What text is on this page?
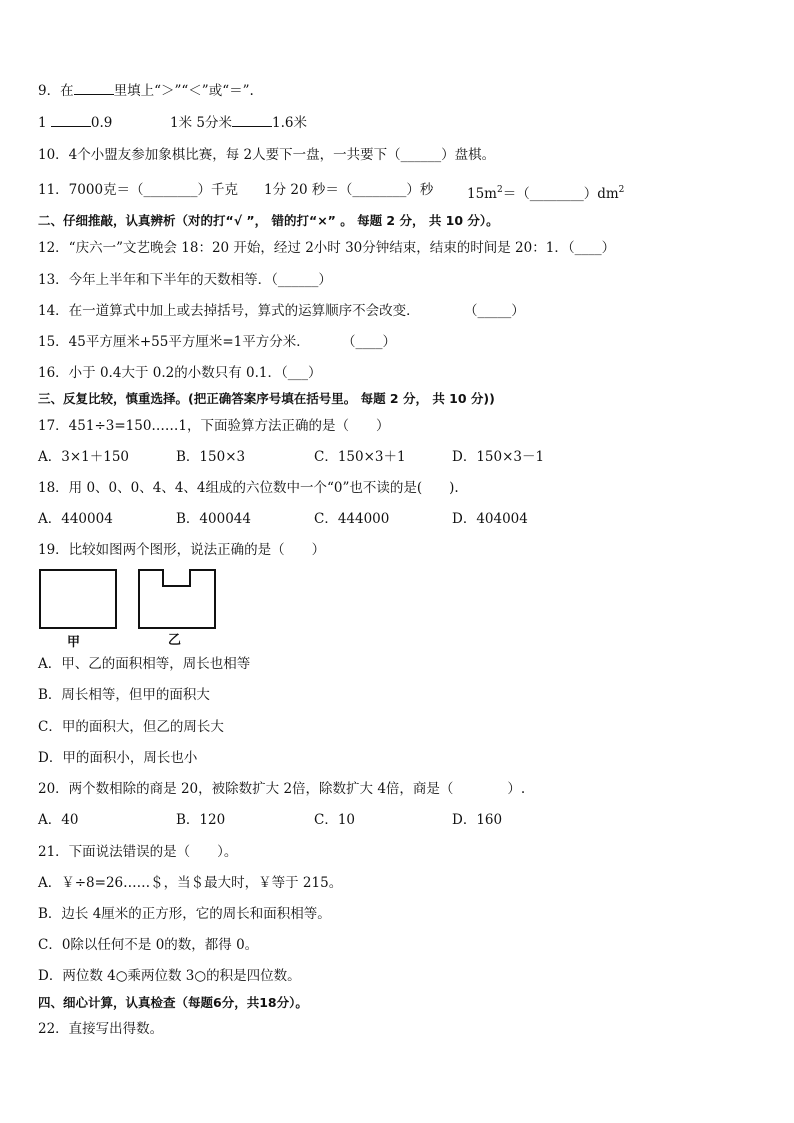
9．在	里填上“＞”“＜”或“＝”.
1	0.9	1米 5分米	1.6米
10．4个小盟友参加象棋比赛，每 2人要下一盘，一共要下（______）盘棋。
11．7000克＝（________）千克 1分 20 秒＝（________）秒 $15m^2=(\_\_\_\_\_\_\_\_)dm^2$
二、仔细推敲，认真辨析（对的打“√ ”， 错的打“×” 。 每题 2 分， 共 10 分）。
12．“庆六一”文艺晚会 18：20 开始，经过 2小时 30分钟结束，结束的时间是 20：1．（____）
13．今年上半年和下半年的天数相等．（______）
14．在一道算式中加上或去掉括号，算式的运算顺序不会改变．	（_____）
15．45平方厘米+55平方厘米=1平方分米． （____）
16．小于 0.4大于 0.2的小数只有 0.1．（___）
三、反复比较，慎重选择。(把正确答案序号填在括号里。 每题 2 分， 共 10 分))
17．451÷3=150……1，下面验算方法正确的是（　　）
A．3×1＋150	B．150×3	C．150×3＋1	D．150×3－1
18．用 0、0、0、4、4、4组成的六位数中一个“0”也不读的是(　　).
A．440004	B．400044	C．444000	D．404004
19．比较如图两个图形，说法正确的是（　　）
甲	乙
A．甲、乙的面积相等，周长也相等
B．周长相等，但甲的面积大
C．甲的面积大，但乙的周长大
D．甲的面积小，周长也小
20．两个数相除的商是 20，被除数扩大 2倍，除数扩大 4倍，商是（　　　　）.
A．40	B．120	C．10	D．160
21．下面说法错误的是（　　）。
A．￥÷8=26……＄，当＄最大时，￥等于 215。
B．边长 4厘米的正方形，它的周长和面积相等。
C．0除以任何不是 0的数，都得 0。
D．两位数 4○乘两位数 3○的积是四位数。
四、细心计算，认真检查（每题6分，共18分）。
22．直接写出得数。
